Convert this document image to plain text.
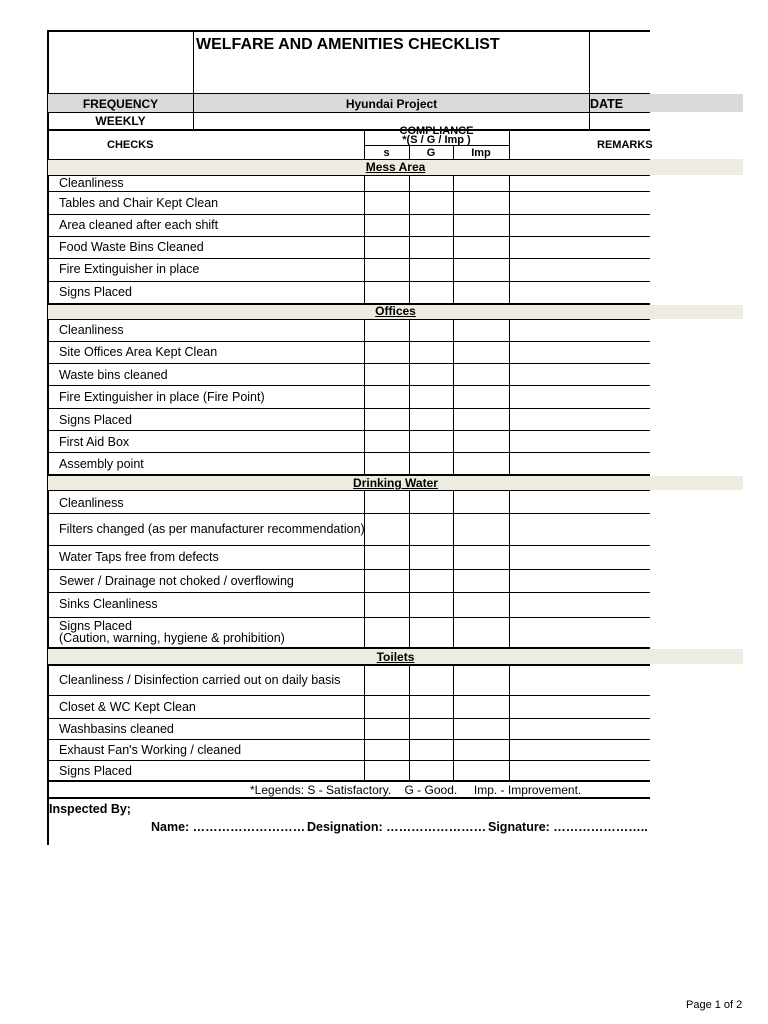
WELFARE AND AMENITIES CHECKLIST
FREQUENCY	Hyundai Project	DATE
WEEKLY
CHECKS
COMPLIANCE
*(S / G / Imp )
s	G	Imp
REMARKS
Mess Area
Cleanliness
Tables and Chair Kept Clean
Area cleaned after each shift
Food Waste Bins Cleaned
Fire Extinguisher in place
Signs Placed
Offices
Cleanliness
Site Offices Area Kept Clean
Waste bins cleaned
Fire Extinguisher in place (Fire Point)
Signs Placed
First Aid Box
Assembly point
Drinking Water
Cleanliness
Filters changed (as per manufacturer recommendation)
Water Taps free from defects
Sewer / Drainage not choked / overflowing
Sinks Cleanliness
Signs Placed
(Caution, warning, hygiene & prohibition)
Toilets
Cleanliness / Disinfection carried out on daily basis
Closet & WC Kept Clean
Washbasins cleaned
Exhaust Fan's Working / cleaned
Signs Placed
*Legends: S - Satisfactory.    G - Good.     Imp. - Improvement.
Inspected By;
Name: ……………………… Designation: …………………… Signature: …………………..
Page 1 of 2
